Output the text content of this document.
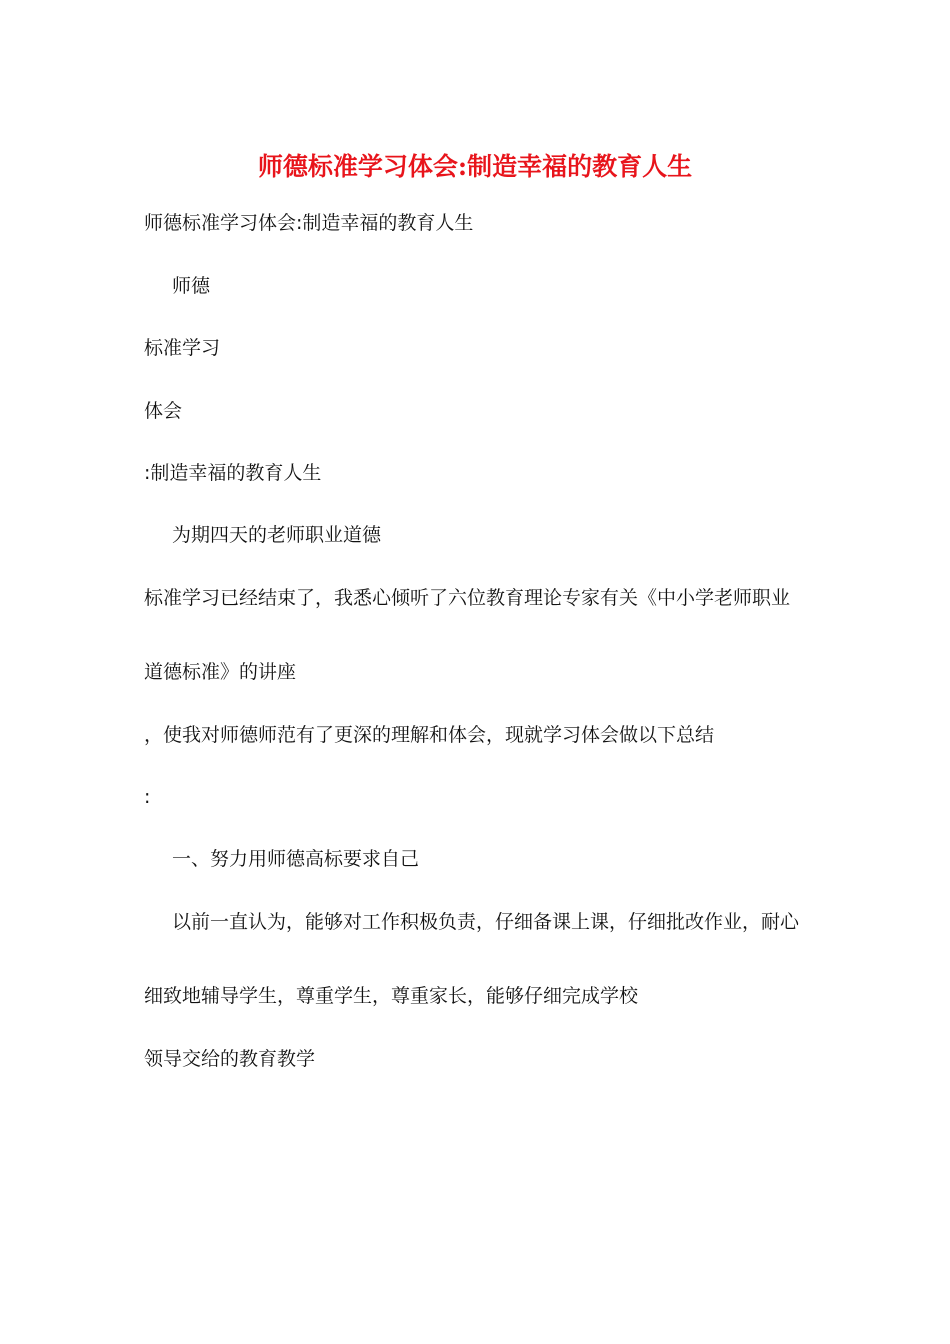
师德标准学习体会:制造幸福的教育人生
师德标准学习体会:制造幸福的教育人生
师德
标准学习
体会
:制造幸福的教育人生
为期四天的老师职业道德
标准学习已经结束了，我悉心倾听了六位教育理论专家有关《中小学老师职业
道德标准》的讲座
，使我对师德师范有了更深的理解和体会，现就学习体会做以下总结
:
一、努力用师德高标要求自己
以前一直认为，能够对工作积极负责，仔细备课上课，仔细批改作业，耐心
细致地辅导学生，尊重学生，尊重家长，能够仔细完成学校
领导交给的教育教学
